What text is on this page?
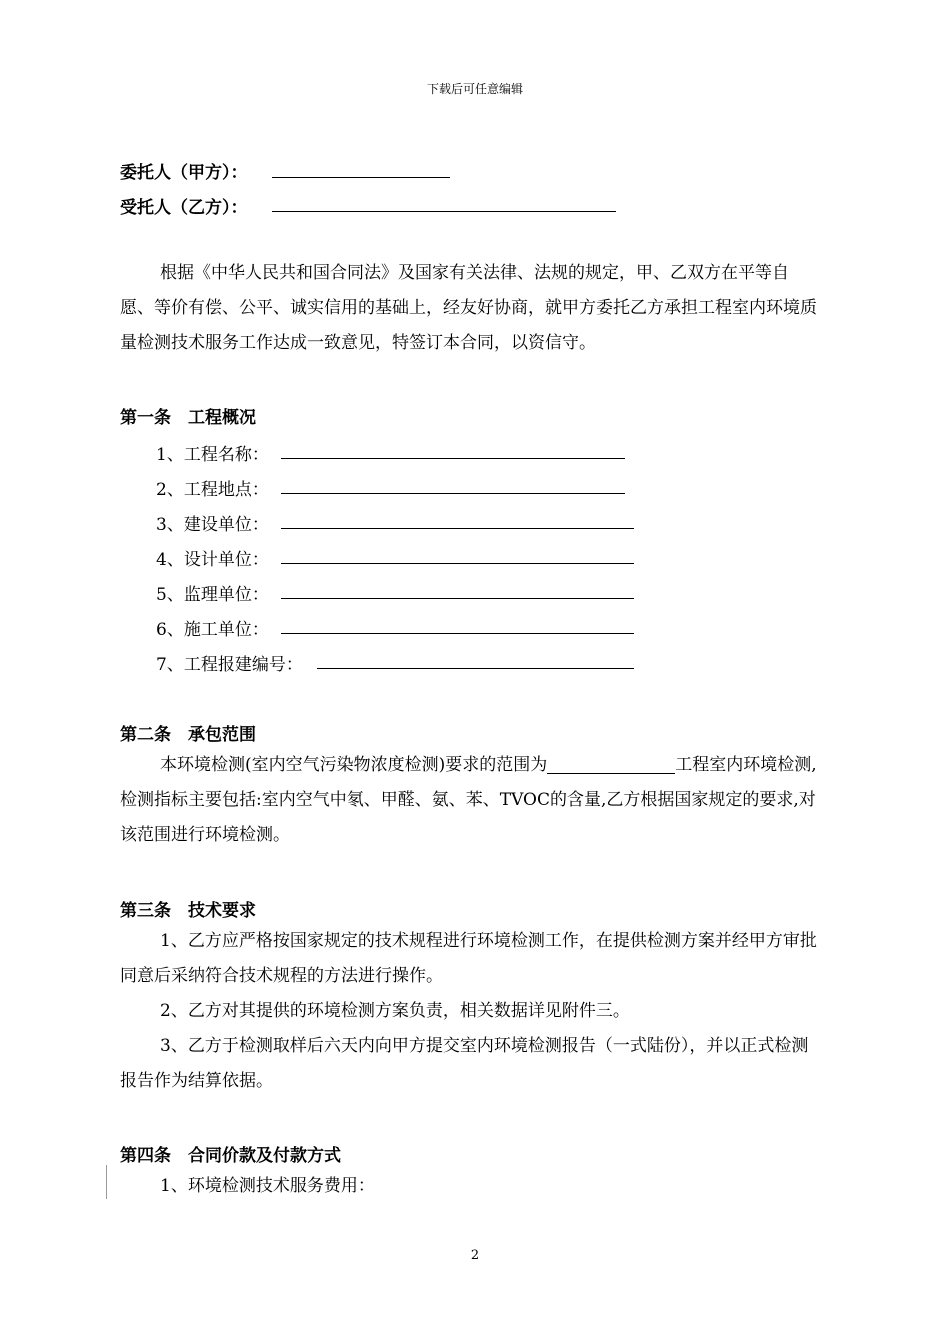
下载后可任意编辑
委托人（甲方）：
受托人（乙方）：
根据《中华人民共和国合同法》及国家有关法律、法规的规定，甲、乙双方在平等自愿、等价有偿、公平、诚实信用的基础上，经友好协商，就甲方委托乙方承担工程室内环境质量检测技术服务工作达成一致意见，特签订本合同，以资信守。
第一条　工程概况
1、工程名称：
2、工程地点：
3、建设单位：
4、设计单位：
5、监理单位：
6、施工单位：
7、工程报建编号：
第二条　承包范围
本环境检测(室内空气污染物浓度检测)要求的范围为	工程室内环境检测,检测指标主要包括:室内空气中氡、甲醛、氨、苯、TVOC的含量,乙方根据国家规定的要求,对该范围进行环境检测。
第三条　技术要求
1、乙方应严格按国家规定的技术规程进行环境检测工作，在提供检测方案并经甲方审批同意后采纳符合技术规程的方法进行操作。
2、乙方对其提供的环境检测方案负责，相关数据详见附件三。
3、乙方于检测取样后六天内向甲方提交室内环境检测报告（一式陆份），并以正式检测报告作为结算依据。
第四条　合同价款及付款方式
1、环境检测技术服务费用：
2
